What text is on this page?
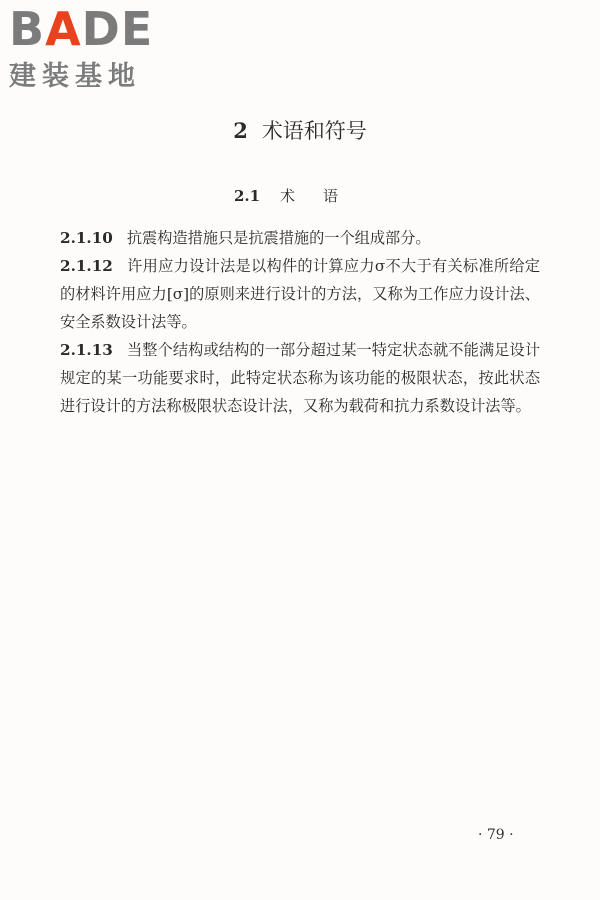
BADE
建装基地
2 术语和符号
2.1 术语

2.1.10 抗震构造措施只是抗震措施的一个组成部分。

2.1.12 许用应力设计法是以构件的计算应力σ不大于有关标准所给定的材料许用应力[σ]的原则来进行设计的方法，又称为工作应力设计法、安全系数设计法等。

2.1.13 当整个结构或结构的一部分超过某一特定状态就不能满足设计规定的某一功能要求时，此特定状态称为该功能的极限状态，按此状态进行设计的方法称极限状态设计法，又称为载荷和抗力系数设计法等。

· 79 ·
